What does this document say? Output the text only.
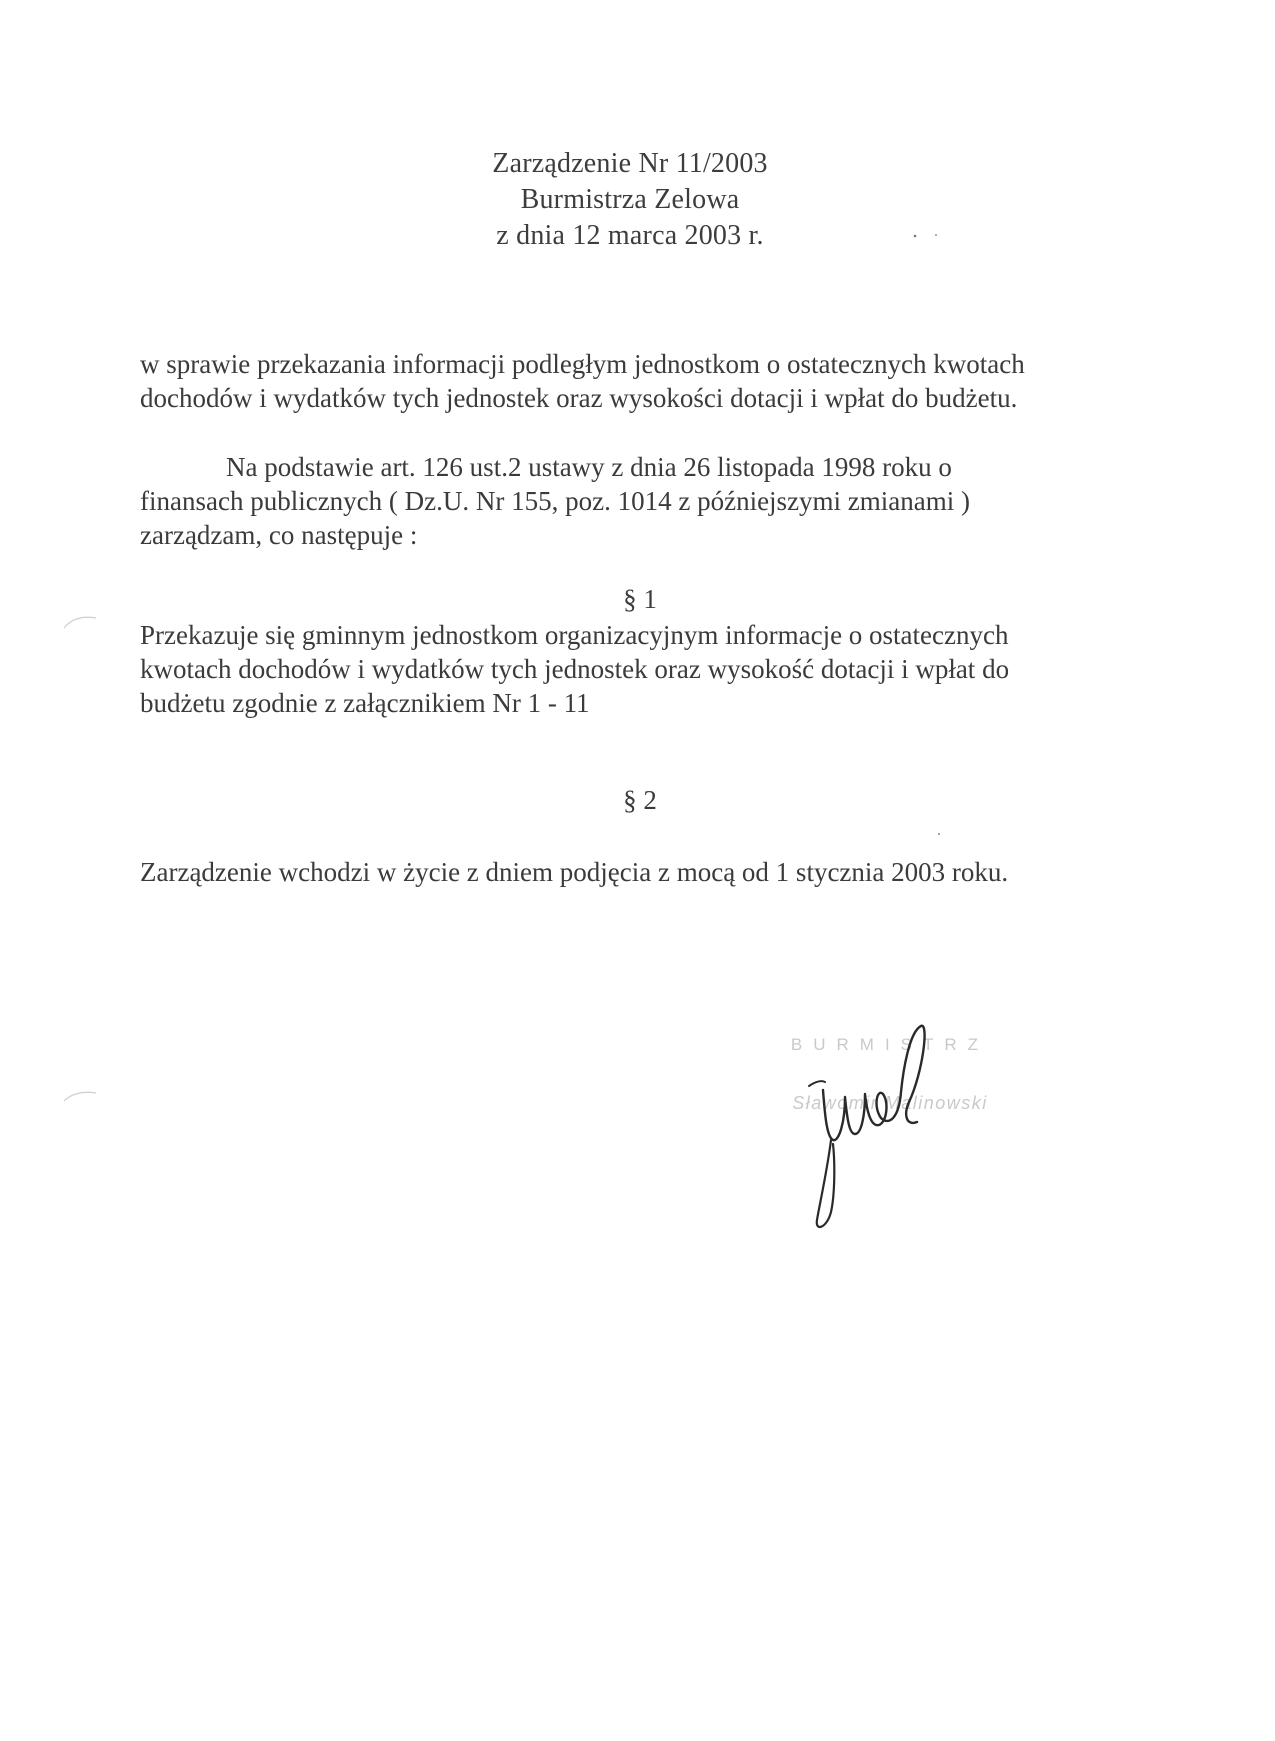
Zarządzenie Nr 11/2003
Burmistrza Zelowa
z dnia 12 marca 2003 r.
w sprawie przekazania informacji podległym jednostkom o ostatecznych kwotach
dochodów i wydatków tych jednostek oraz wysokości dotacji i wpłat do budżetu.
Na podstawie art. 126 ust.2 ustawy z dnia 26 listopada 1998 roku o
finansach publicznych ( Dz.U. Nr 155, poz. 1014 z późniejszymi zmianami )
zarządzam, co następuje :
§ 1
Przekazuje się gminnym jednostkom organizacyjnym informacje o ostatecznych
kwotach dochodów i wydatków tych jednostek oraz wysokość dotacji i wpłat do
budżetu zgodnie z załącznikiem Nr 1 - 11
§ 2
Zarządzenie wchodzi w życie z dniem podjęcia z mocą od 1 stycznia 2003 roku.
BURMISTRZ
Sławomir Malinowski
